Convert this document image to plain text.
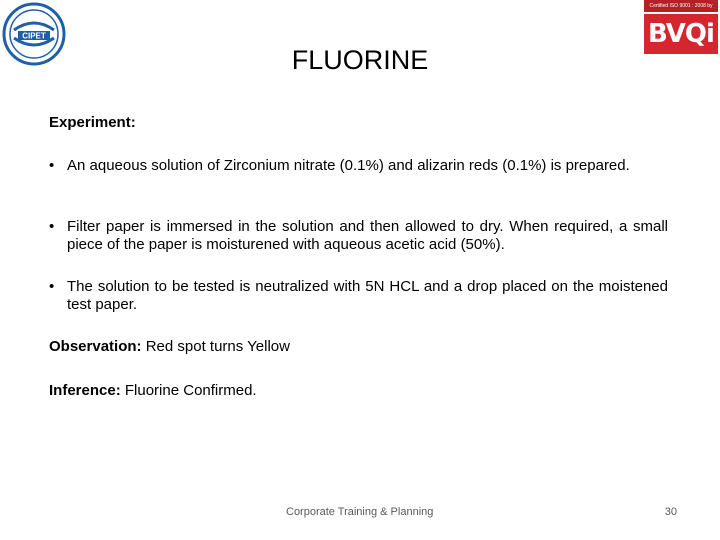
CIPET
Certified ISO 9001 : 2008 by
BVQi
FLUORINE
Experiment:
• An aqueous solution of Zirconium nitrate (0.1%) and alizarin reds (0.1%) is prepared.
• Filter paper is immersed in the solution and then allowed to dry. When required, a small piece of the paper is moisturened with aqueous acetic acid (50%).
• The solution to be tested is neutralized with 5N HCL and a drop placed on the moistened test paper.
Observation: Red spot turns Yellow
Inference: Fluorine Confirmed.
Corporate Training & Planning	30
